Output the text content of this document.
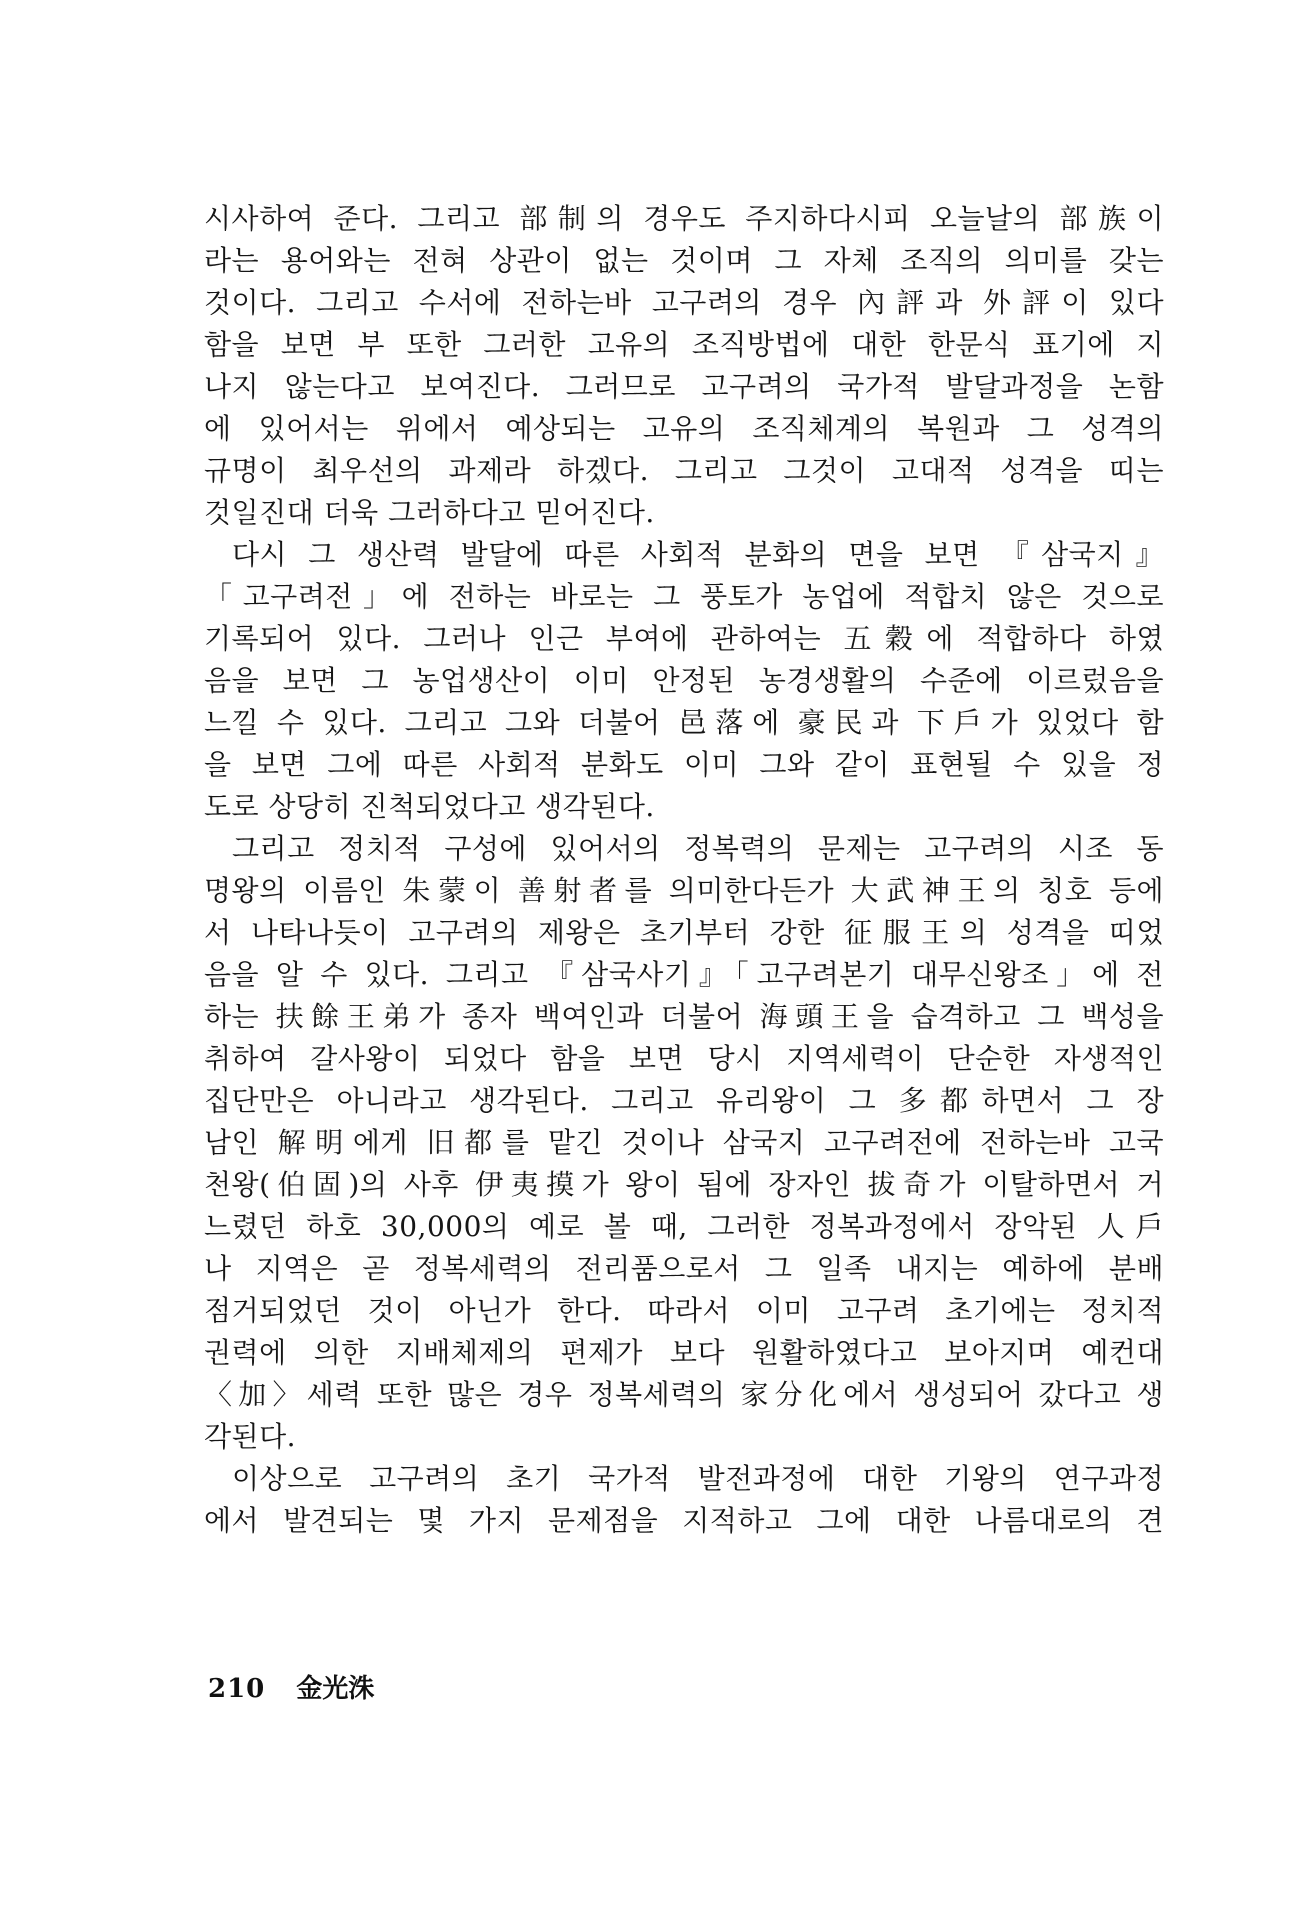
시사하여 준다. 그리고 部制의 경우도 주지하다시피 오늘날의 部族이
라는 용어와는 전혀 상관이 없는 것이며 그 자체 조직의 의미를 갖는
것이다. 그리고 수서에 전하는바 고구려의 경우 內評과 外評이 있다
함을 보면 부 또한 그러한 고유의 조직방법에 대한 한문식 표기에 지
나지 않는다고 보여진다. 그러므로 고구려의 국가적 발달과정을 논함
에 있어서는 위에서 예상되는 고유의 조직체계의 복원과 그 성격의
규명이 최우선의 과제라 하겠다. 그리고 그것이 고대적 성격을 띠는
것일진대 더욱 그러하다고 믿어진다.
다시 그 생산력 발달에 따른 사회적 분화의 면을 보면 『삼국지』
「고구려전」에 전하는 바로는 그 풍토가 농업에 적합치 않은 것으로
기록되어 있다. 그러나 인근 부여에 관하여는 五穀에 적합하다 하였
음을 보면 그 농업생산이 이미 안정된 농경생활의 수준에 이르렀음을
느낄 수 있다. 그리고 그와 더불어 邑落에 豪民과 下戶가 있었다 함
을 보면 그에 따른 사회적 분화도 이미 그와 같이 표현될 수 있을 정
도로 상당히 진척되었다고 생각된다.
그리고 정치적 구성에 있어서의 정복력의 문제는 고구려의 시조 동
명왕의 이름인 朱蒙이 善射者를 의미한다든가 大武神王의 칭호 등에
서 나타나듯이 고구려의 제왕은 초기부터 강한 征服王의 성격을 띠었
음을 알 수 있다. 그리고 『삼국사기』「고구려본기 대무신왕조」에 전
하는 扶餘王弟가 종자 백여인과 더불어 海頭王을 습격하고 그 백성을
취하여 갈사왕이 되었다 함을 보면 당시 지역세력이 단순한 자생적인
집단만은 아니라고 생각된다. 그리고 유리왕이 그 多都하면서 그 장
남인 解明에게 旧都를 맡긴 것이나 삼국지 고구려전에 전하는바 고국
천왕(伯固)의 사후 伊夷摸가 왕이 됨에 장자인 拔奇가 이탈하면서 거
느렸던 하호 30,000의 예로 볼 때, 그러한 정복과정에서 장악된 人戶
나 지역은 곧 정복세력의 전리품으로서 그 일족 내지는 예하에 분배
점거되었던 것이 아닌가 한다. 따라서 이미 고구려 초기에는 정치적
권력에 의한 지배체제의 편제가 보다 원활하였다고 보아지며 예컨대
〈加〉세력 또한 많은 경우 정복세력의 家分化에서 생성되어 갔다고 생
각된다.
이상으로 고구려의 초기 국가적 발전과정에 대한 기왕의 연구과정
에서 발견되는 몇 가지 문제점을 지적하고 그에 대한 나름대로의 견
210 金光洙
